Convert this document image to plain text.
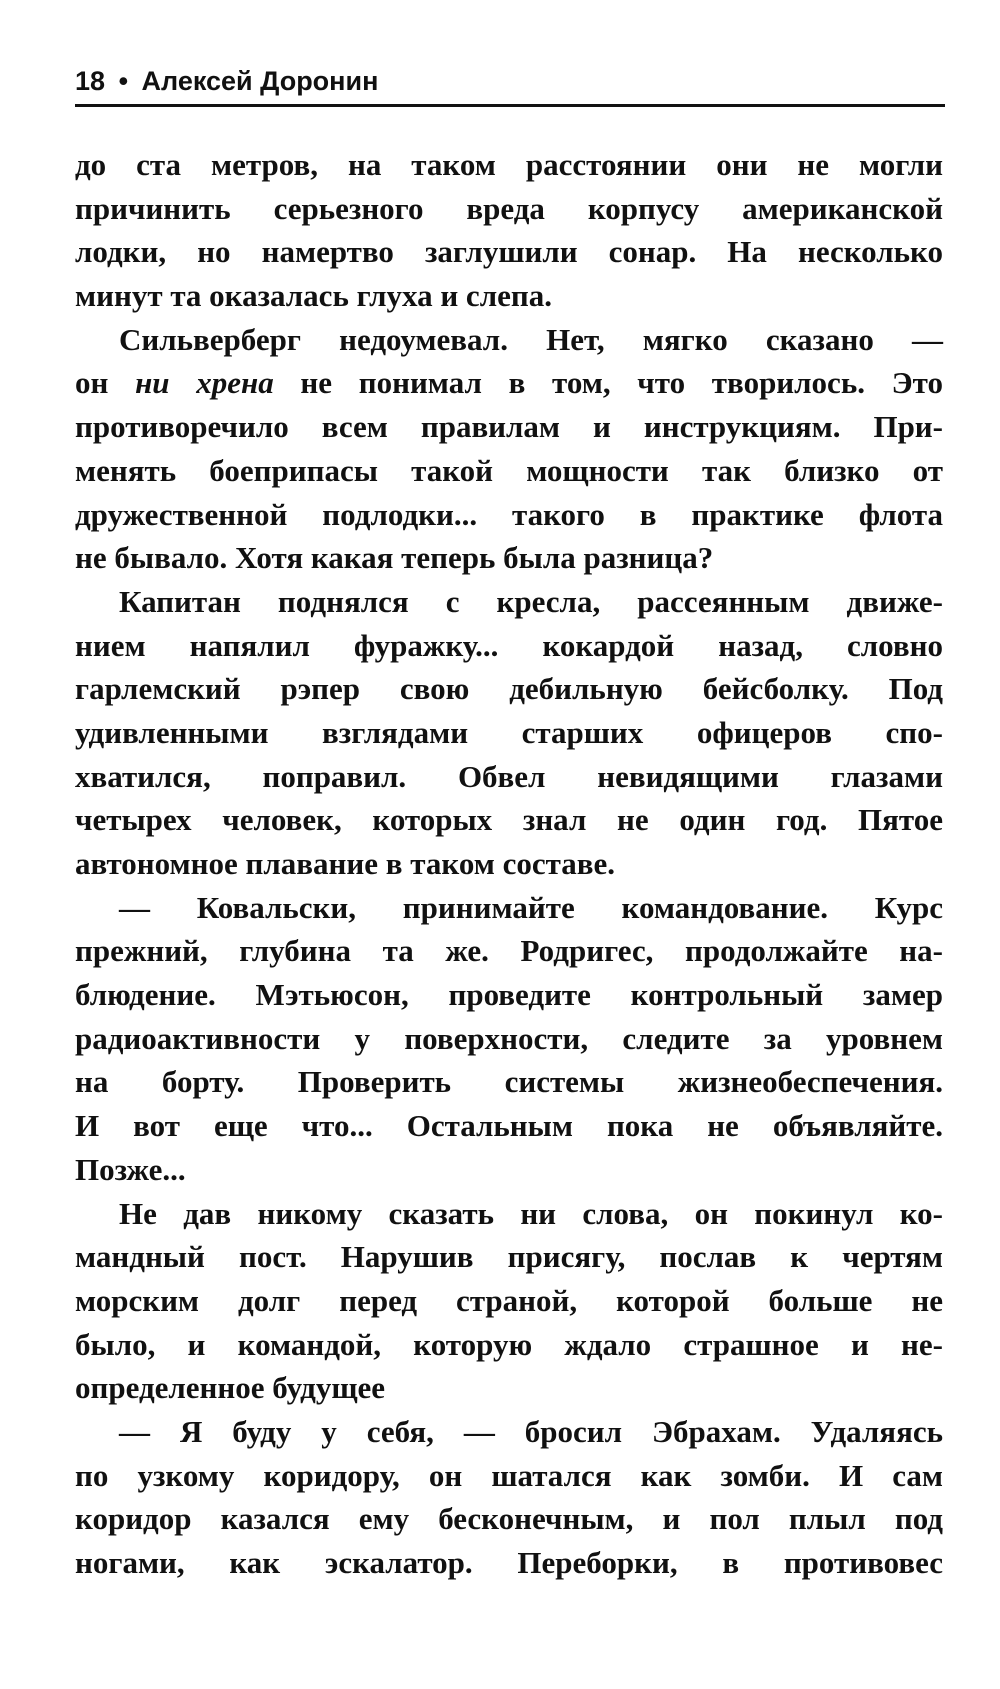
18 • Алексей Доронин
до ста метров, на таком расстоянии они не могли
причинить серьезного вреда корпусу американской
лодки, но намертво заглушили сонар. На несколько
минут та оказалась глуха и слепа.
Сильверберг недоумевал. Нет, мягко сказано —
он ни хрена не понимал в том, что творилось. Это
противоречило всем правилам и инструкциям. При-
менять боеприпасы такой мощности так близко от
дружественной подлодки... такого в практике флота
не бывало. Хотя какая теперь была разница?
Капитан поднялся с кресла, рассеянным движе-
нием напялил фуражку... кокардой назад, словно
гарлемский рэпер свою дебильную бейсболку. Под
удивленными взглядами старших офицеров спо-
хватился, поправил. Обвел невидящими глазами
четырех человек, которых знал не один год. Пятое
автономное плавание в таком составе.
— Ковальски, принимайте командование. Курс
прежний, глубина та же. Родригес, продолжайте на-
блюдение. Мэтьюсон, проведите контрольный замер
радиоактивности у поверхности, следите за уровнем
на борту. Проверить системы жизнеобеспечения.
И вот еще что... Остальным пока не объявляйте.
Позже...
Не дав никому сказать ни слова, он покинул ко-
мандный пост. Нарушив присягу, послав к чертям
морским долг перед страной, которой больше не
было, и командой, которую ждало страшное и не-
определенное будущее
— Я буду у себя, — бросил Эбрахам. Удаляясь
по узкому коридору, он шатался как зомби. И сам
коридор казался ему бесконечным, и пол плыл под
ногами, как эскалатор. Переборки, в противовес
